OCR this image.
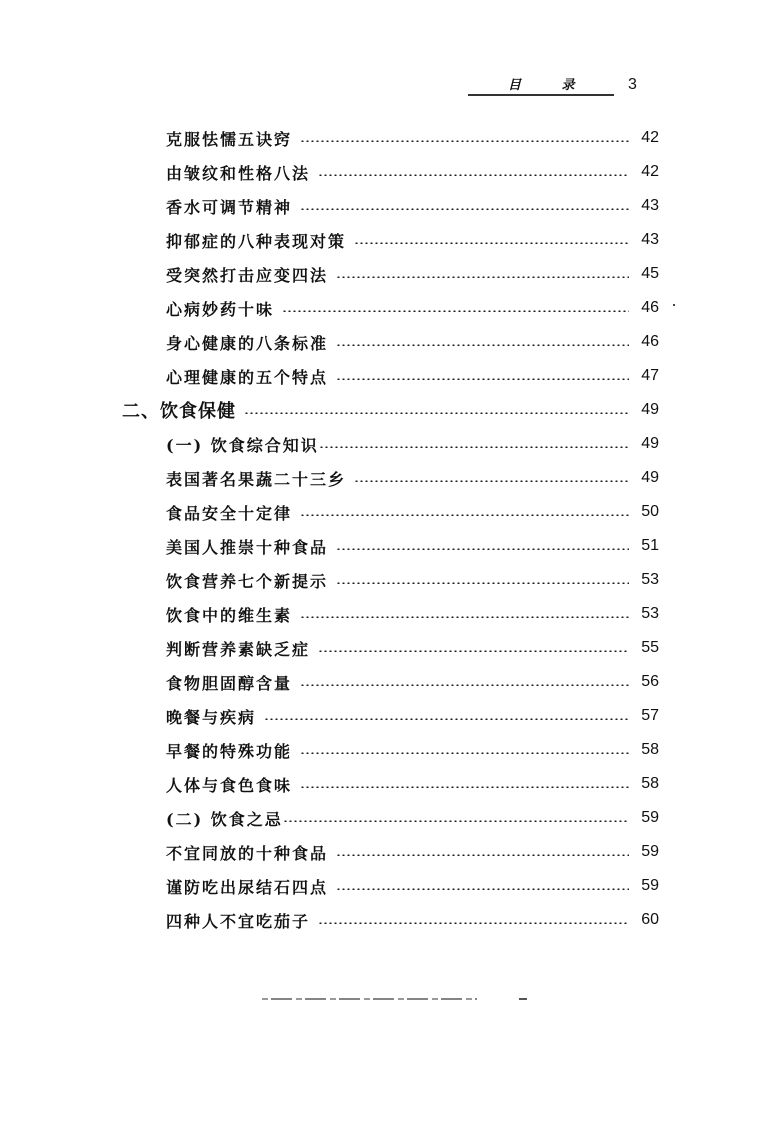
目 录	3
克服怯懦五诀窍	42
由皱纹和性格八法	42
香水可调节精神	43
抑郁症的八种表现对策	43
受突然打击应变四法	45
心病妙药十味	46
身心健康的八条标准	46
心理健康的五个特点	47
二、饮食保健	49
(一) 饮食综合知识	49
表国著名果蔬二十三乡	49
食品安全十定律	50
美国人推崇十种食品	51
饮食营养七个新提示	53
饮食中的维生素	53
判断营养素缺乏症	55
食物胆固醇含量	56
晚餐与疾病	57
早餐的特殊功能	58
人体与食色食味	58
(二) 饮食之忌	59
不宜同放的十种食品	59
谨防吃出尿结石四点	59
四种人不宜吃茄子	60
